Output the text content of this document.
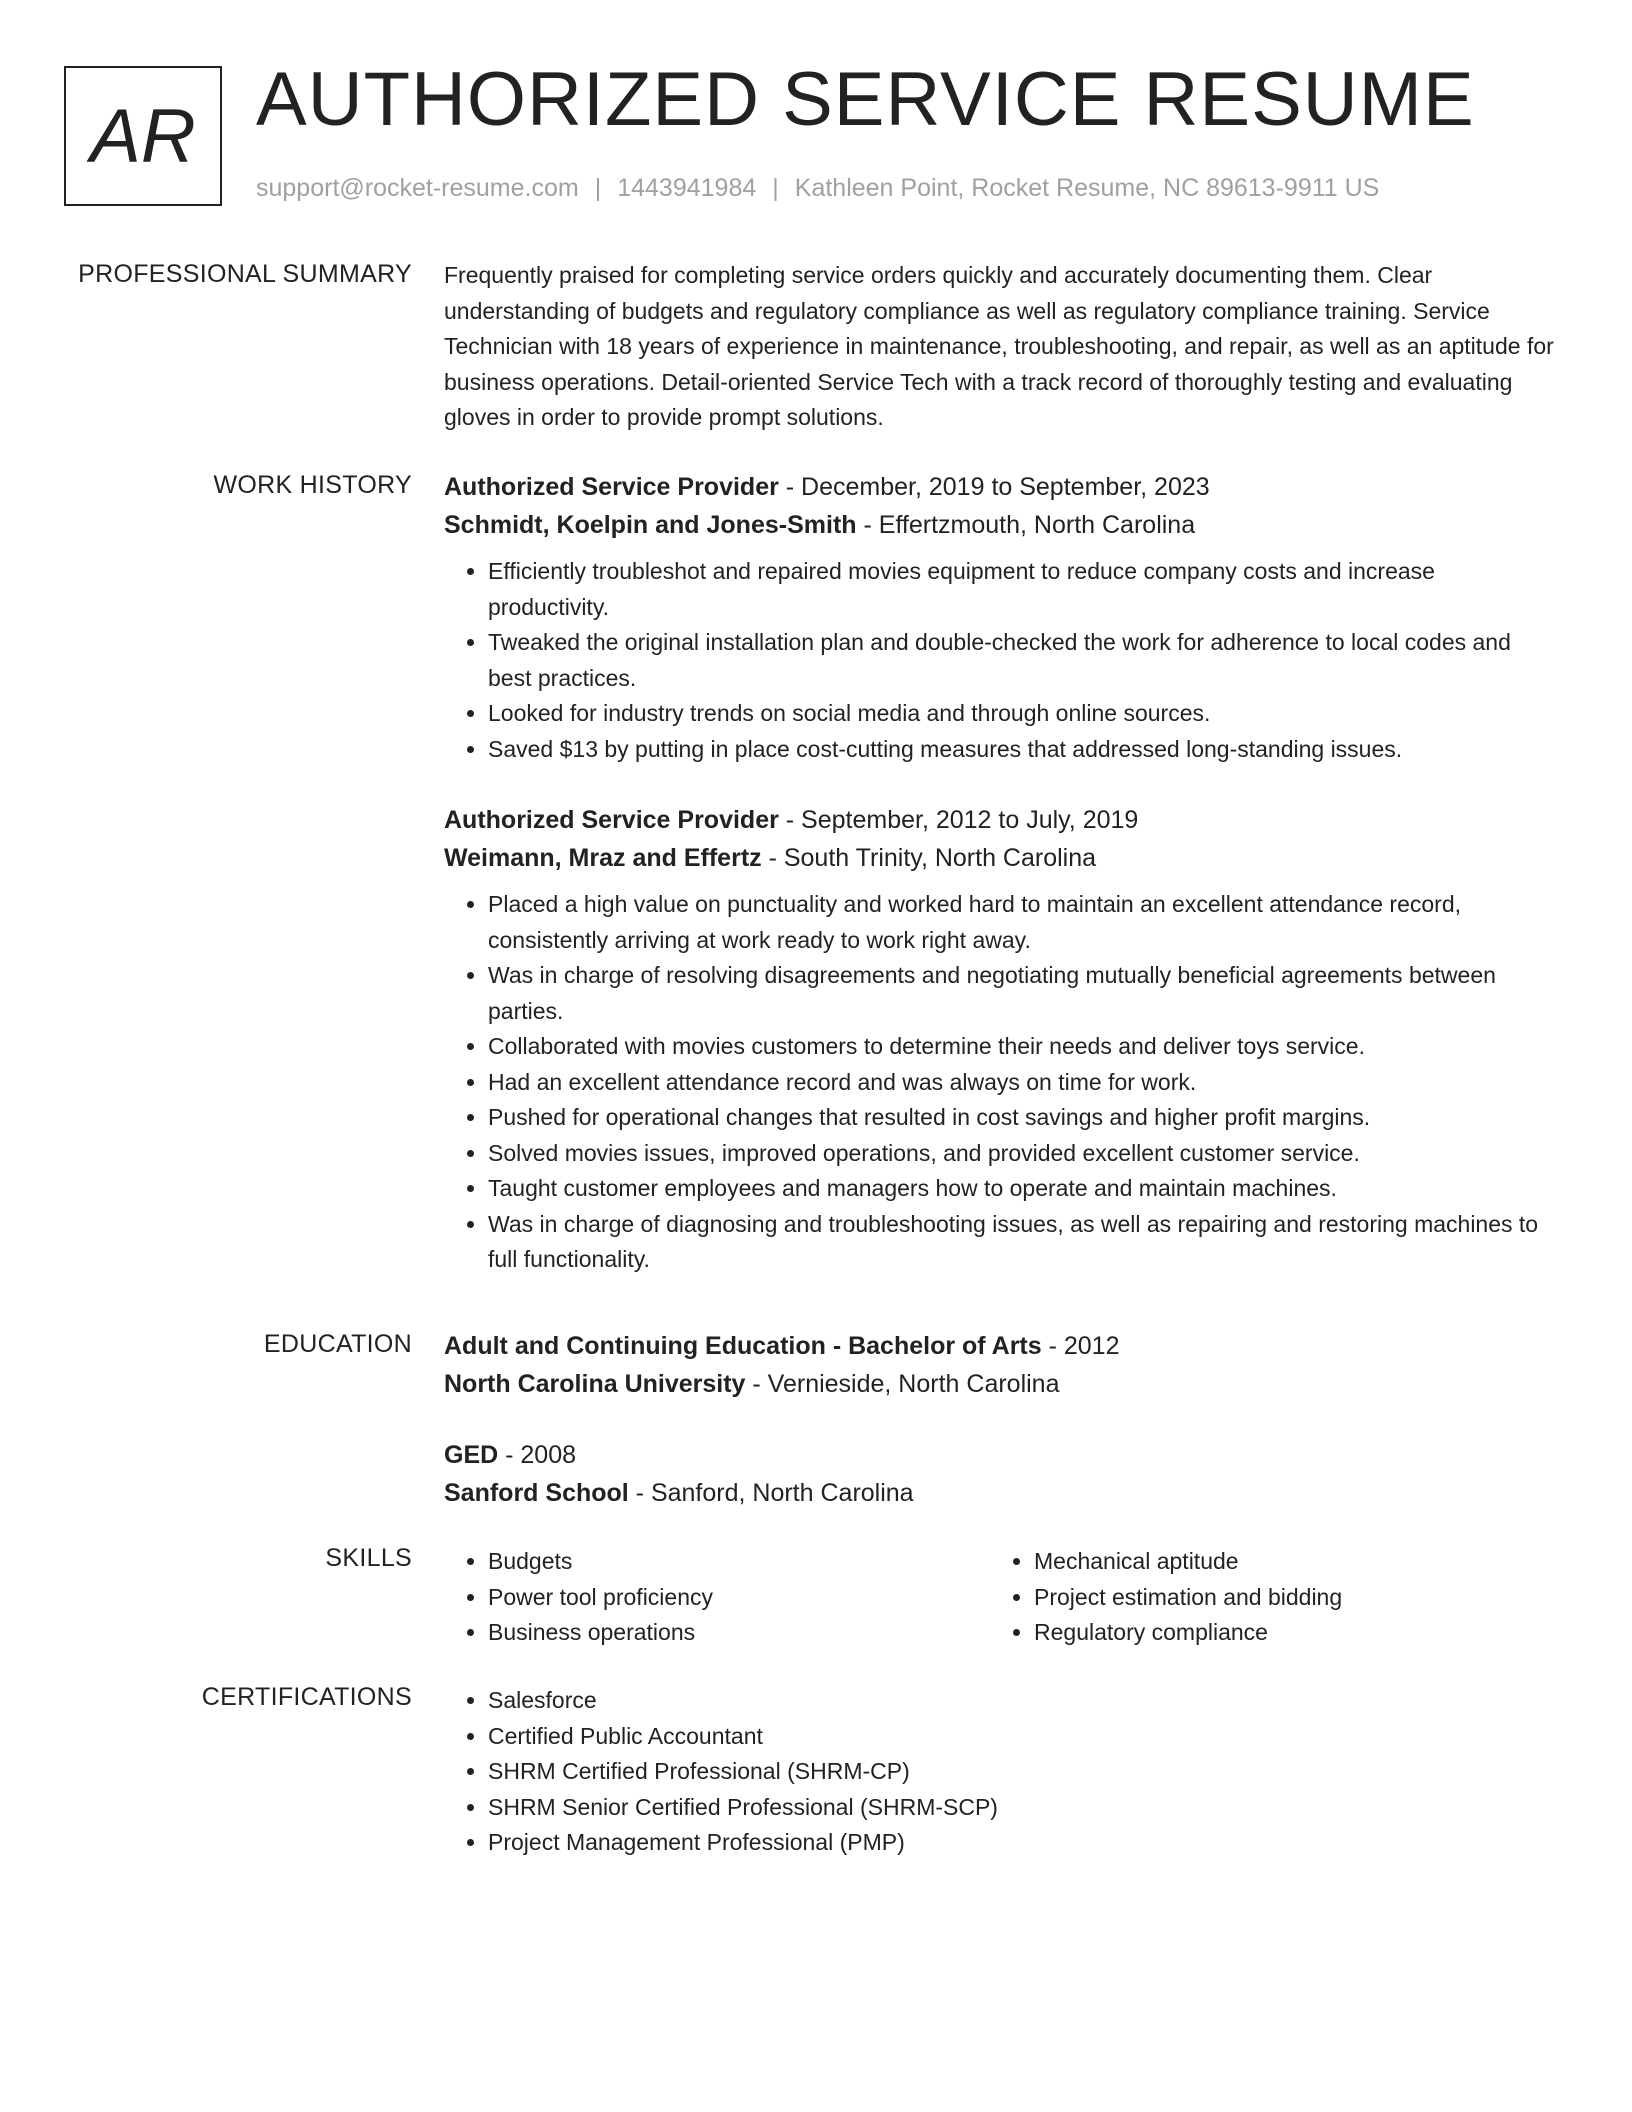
AR AUTHORIZED SERVICE RESUME
support@rocket-resume.com | 1443941984 | Kathleen Point, Rocket Resume, NC 89613-9911 US
PROFESSIONAL SUMMARY Frequently praised for completing service orders quickly and accurately documenting them. Clear understanding of budgets and regulatory compliance as well as regulatory compliance training. Service Technician with 18 years of experience in maintenance, troubleshooting, and repair, as well as an aptitude for business operations. Detail-oriented Service Tech with a track record of thoroughly testing and evaluating gloves in order to provide prompt solutions.

WORK HISTORY Authorized Service Provider - December, 2019 to September, 2023
Schmidt, Koelpin and Jones-Smith - Effertzmouth, North Carolina
• Efficiently troubleshot and repaired movies equipment to reduce company costs and increase productivity.
• Tweaked the original installation plan and double-checked the work for adherence to local codes and best practices.
• Looked for industry trends on social media and through online sources.
• Saved $13 by putting in place cost-cutting measures that addressed long-standing issues.
Authorized Service Provider - September, 2012 to July, 2019
Weimann, Mraz and Effertz - South Trinity, North Carolina
• Placed a high value on punctuality and worked hard to maintain an excellent attendance record, consistently arriving at work ready to work right away.
• Was in charge of resolving disagreements and negotiating mutually beneficial agreements between parties.
• Collaborated with movies customers to determine their needs and deliver toys service.
• Had an excellent attendance record and was always on time for work.
• Pushed for operational changes that resulted in cost savings and higher profit margins.
• Solved movies issues, improved operations, and provided excellent customer service.
• Taught customer employees and managers how to operate and maintain machines.
• Was in charge of diagnosing and troubleshooting issues, as well as repairing and restoring machines to full functionality.
EDUCATION Adult and Continuing Education - Bachelor of Arts - 2012
North Carolina University - Vernieside, North Carolina
GED - 2008
Sanford School - Sanford, North Carolina
SKILLS	• Budgets
• Power tool proficiency
• Business operations
• Mechanical aptitude
• Project estimation and bidding
• Regulatory compliance
CERTIFICATIONS	• Salesforce
• Certified Public Accountant
• SHRM Certified Professional (SHRM-CP)
• SHRM Senior Certified Professional (SHRM-SCP)
• Project Management Professional (PMP)
